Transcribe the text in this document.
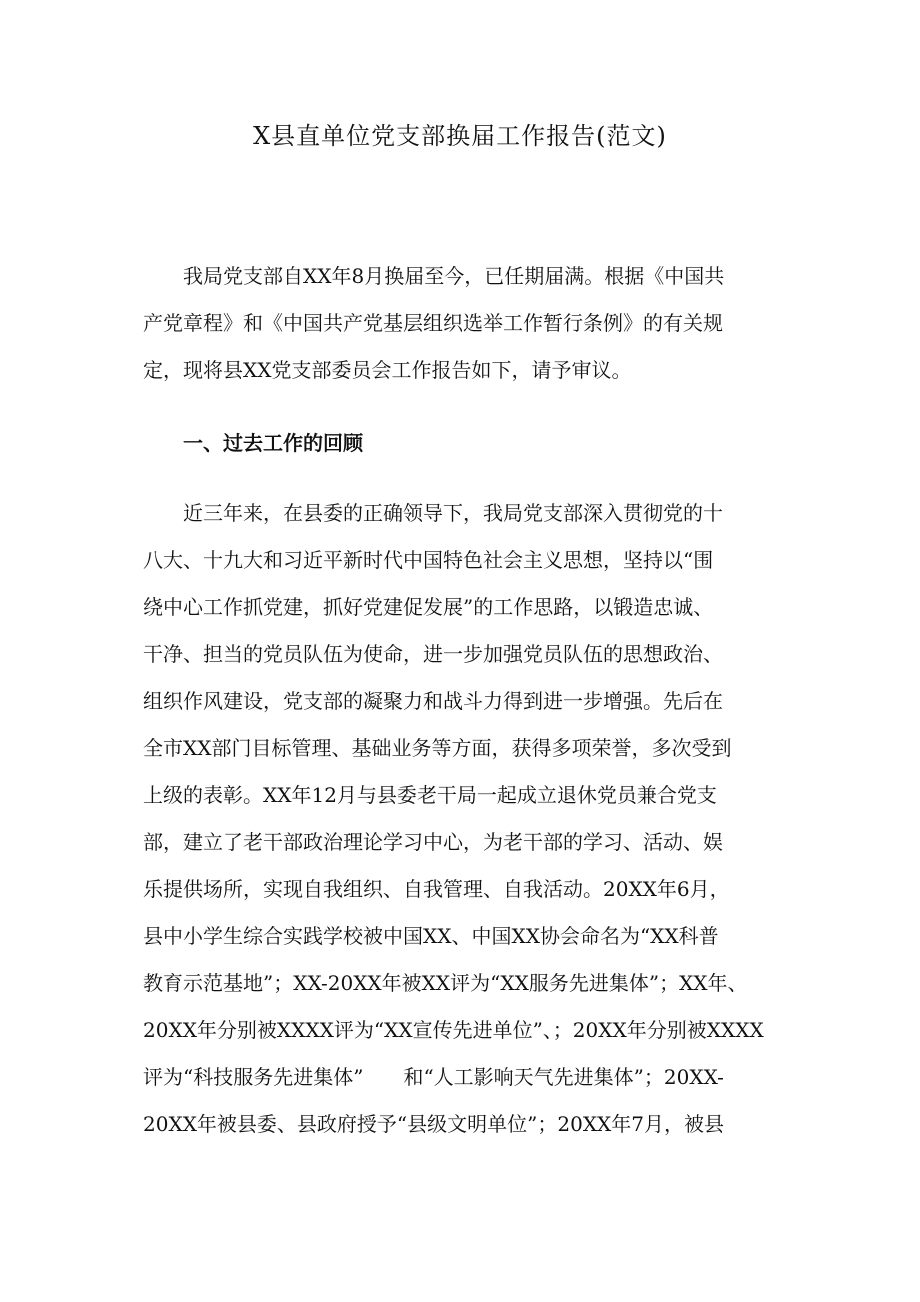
X县直单位党支部换届工作报告(范文)
我局党支部自XX年8月换届至今，已任期届满。根据《中国共
产党章程》和《中国共产党基层组织选举工作暂行条例》的有关规
定，现将县XX党支部委员会工作报告如下，请予审议。
一、过去工作的回顾
近三年来，在县委的正确领导下，我局党支部深入贯彻党的十
八大、十九大和习近平新时代中国特色社会主义思想，坚持以“围
绕中心工作抓党建，抓好党建促发展”的工作思路，以锻造忠诚、
干净、担当的党员队伍为使命，进一步加强党员队伍的思想政治、
组织作风建设，党支部的凝聚力和战斗力得到进一步增强。先后在
全市XX部门目标管理、基础业务等方面，获得多项荣誉，多次受到
上级的表彰。XX年12月与县委老干局一起成立退休党员兼合党支
部，建立了老干部政治理论学习中心，为老干部的学习、活动、娱
乐提供场所，实现自我组织、自我管理、自我活动。20XX年6月，
县中小学生综合实践学校被中国XX、中国XX协会命名为“XX科普
教育示范基地”；XX-20XX年被XX评为“XX服务先进集体”；XX年、
20XX年分别被XXXX评为“XX宣传先进单位”、；20XX年分别被XXXX
评为“科技服务先进集体” 和“人工影响天气先进集体”；20XX-
20XX年被县委、县政府授予“县级文明单位”；20XX年7月，被县
